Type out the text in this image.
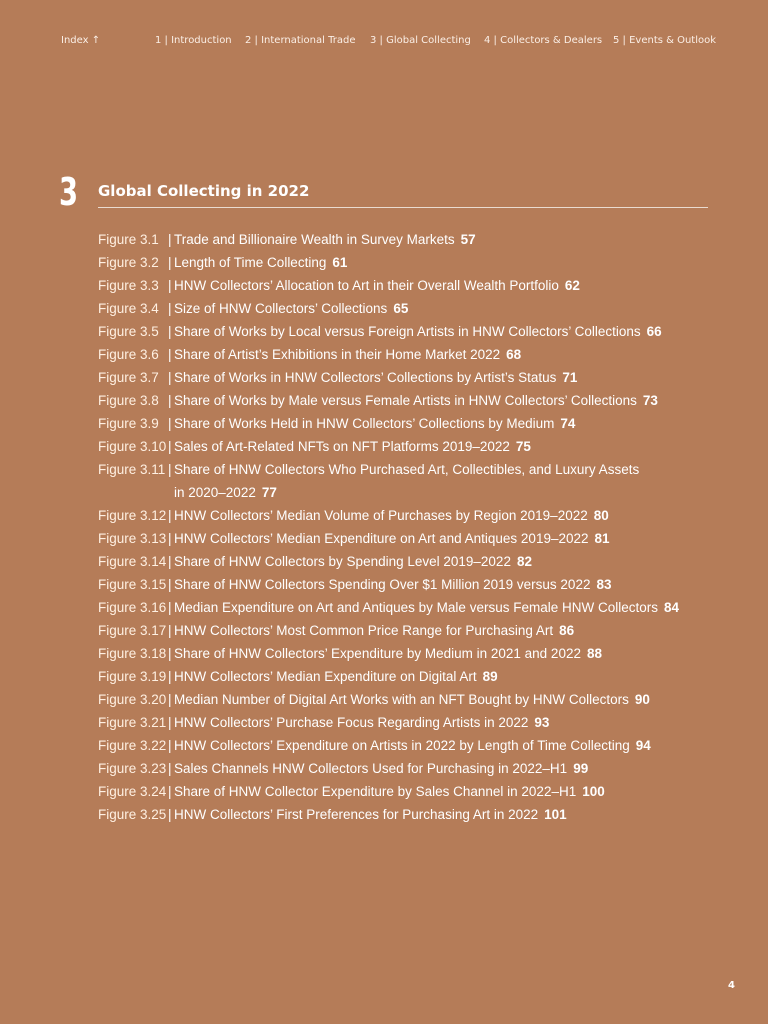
Index ↑	1 | Introduction 2 | International Trade 3 | Global Collecting 4 | Collectors & Dealers 5 | Events & Outlook
3 Global Collecting in 2022
Figure 3.1 | Trade and Billionaire Wealth in Survey Markets 57
Figure 3.2 | Length of Time Collecting 61
Figure 3.3 | HNW Collectors’ Allocation to Art in their Overall Wealth Portfolio 62
Figure 3.4 | Size of HNW Collectors’ Collections 65
Figure 3.5 | Share of Works by Local versus Foreign Artists in HNW Collectors’ Collections 66
Figure 3.6 | Share of Artist’s Exhibitions in their Home Market 2022 68
Figure 3.7 | Share of Works in HNW Collectors’ Collections by Artist’s Status 71
Figure 3.8 | Share of Works by Male versus Female Artists in HNW Collectors’ Collections 73
Figure 3.9 | Share of Works Held in HNW Collectors’ Collections by Medium 74
Figure 3.10 | Sales of Art-Related NFTs on NFT Platforms 2019–2022 75
Figure 3.11 | Share of HNW Collectors Who Purchased Art, Collectibles, and Luxury Assets
in 2020–2022 77
Figure 3.12 | HNW Collectors’ Median Volume of Purchases by Region 2019–2022 80
Figure 3.13 | HNW Collectors’ Median Expenditure on Art and Antiques 2019–2022 81
Figure 3.14 | Share of HNW Collectors by Spending Level 2019–2022 82
Figure 3.15 | Share of HNW Collectors Spending Over $1 Million 2019 versus 2022 83
Figure 3.16 | Median Expenditure on Art and Antiques by Male versus Female HNW Collectors 84
Figure 3.17 | HNW Collectors’ Most Common Price Range for Purchasing Art 86
Figure 3.18 | Share of HNW Collectors’ Expenditure by Medium in 2021 and 2022 88
Figure 3.19 | HNW Collectors’ Median Expenditure on Digital Art 89
Figure 3.20 | Median Number of Digital Art Works with an NFT Bought by HNW Collectors 90
Figure 3.21 | HNW Collectors’ Purchase Focus Regarding Artists in 2022 93
Figure 3.22 | HNW Collectors’ Expenditure on Artists in 2022 by Length of Time Collecting 94
Figure 3.23 | Sales Channels HNW Collectors Used for Purchasing in 2022–H1 99
Figure 3.24 | Share of HNW Collector Expenditure by Sales Channel in 2022–H1 100
Figure 3.25 | HNW Collectors’ First Preferences for Purchasing Art in 2022 101
4
